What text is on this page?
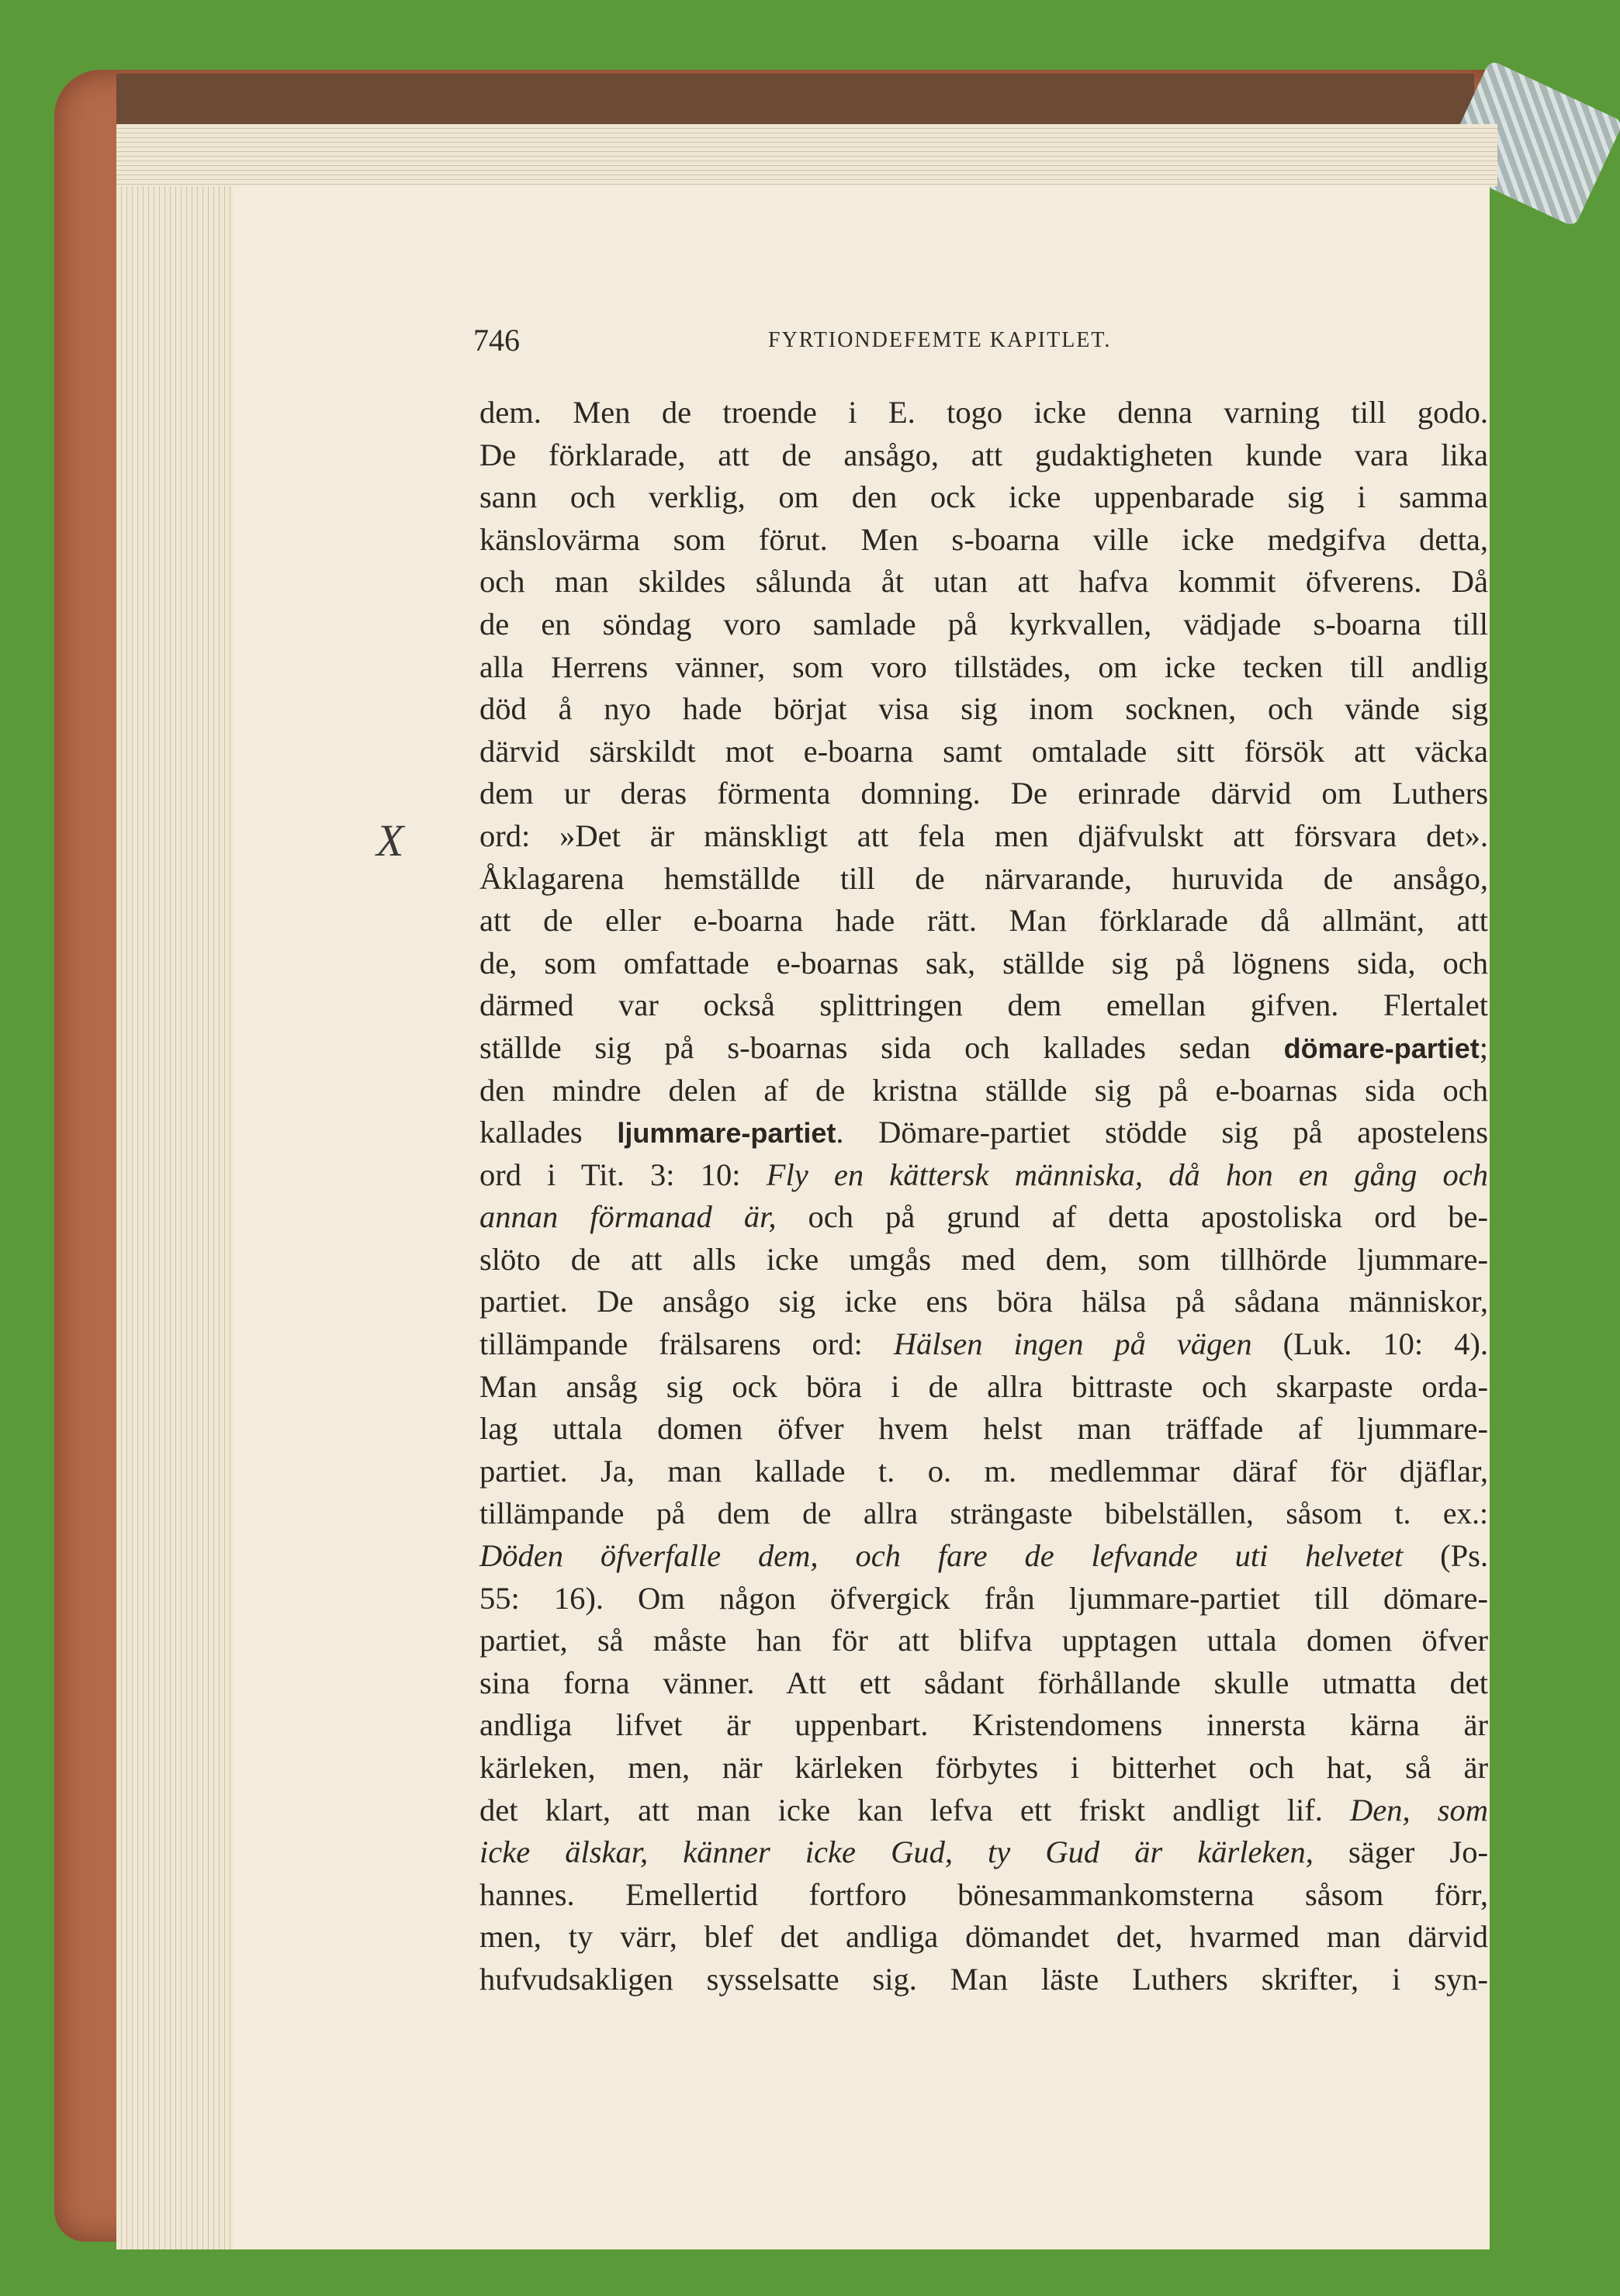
746	FYRTIONDEFEMTE KAPITLET.
X
dem. Men de troende i E. togo icke denna varning till godo.
De förklarade, att de ansågo, att gudaktigheten kunde vara lika
sann och verklig, om den ock icke uppenbarade sig i samma
känslovärma som förut. Men s-boarna ville icke medgifva detta,
och man skildes sålunda åt utan att hafva kommit öfverens. Då
de en söndag voro samlade på kyrkvallen, vädjade s-boarna till
alla Herrens vänner, som voro tillstädes, om icke tecken till andlig
död å nyo hade börjat visa sig inom socknen, och vände sig
därvid särskildt mot e-boarna samt omtalade sitt försök att väcka
dem ur deras förmenta domning. De erinrade därvid om Luthers
ord: »Det är mänskligt att fela men djäfvulskt att försvara det».
Åklagarena hemställde till de närvarande, huruvida de ansågo,
att de eller e-boarna hade rätt. Man förklarade då allmänt, att
de, som omfattade e-boarnas sak, ställde sig på lögnens sida, och
därmed var också splittringen dem emellan gifven. Flertalet
ställde sig på s-boarnas sida och kallades sedan dömare-partiet;
den mindre delen af de kristna ställde sig på e-boarnas sida och
kallades ljummare-partiet. Dömare-partiet stödde sig på apostelens
ord i Tit. 3: 10: Fly en kättersk människa, då hon en gång och
annan förmanad är, och på grund af detta apostoliska ord be-
slöto de att alls icke umgås med dem, som tillhörde ljummare-
partiet. De ansågo sig icke ens böra hälsa på sådana människor,
tillämpande frälsarens ord: Hälsen ingen på vägen (Luk. 10: 4).
Man ansåg sig ock böra i de allra bittraste och skarpaste orda-
lag uttala domen öfver hvem helst man träffade af ljummare-
partiet. Ja, man kallade t. o. m. medlemmar däraf för djäflar,
tillämpande på dem de allra strängaste bibelställen, såsom t. ex.:
Döden öfverfalle dem, och fare de lefvande uti helvetet (Ps.
55: 16). Om någon öfvergick från ljummare-partiet till dömare-
partiet, så måste han för att blifva upptagen uttala domen öfver
sina forna vänner. Att ett sådant förhållande skulle utmatta det
andliga lifvet är uppenbart. Kristendomens innersta kärna är
kärleken, men, när kärleken förbytes i bitterhet och hat, så är
det klart, att man icke kan lefva ett friskt andligt lif. Den, som
icke älskar, känner icke Gud, ty Gud är kärleken, säger Jo-
hannes. Emellertid fortforo bönesammankomsterna såsom förr,
men, ty värr, blef det andliga dömandet det, hvarmed man därvid
hufvudsakligen sysselsatte sig. Man läste Luthers skrifter, i syn-
